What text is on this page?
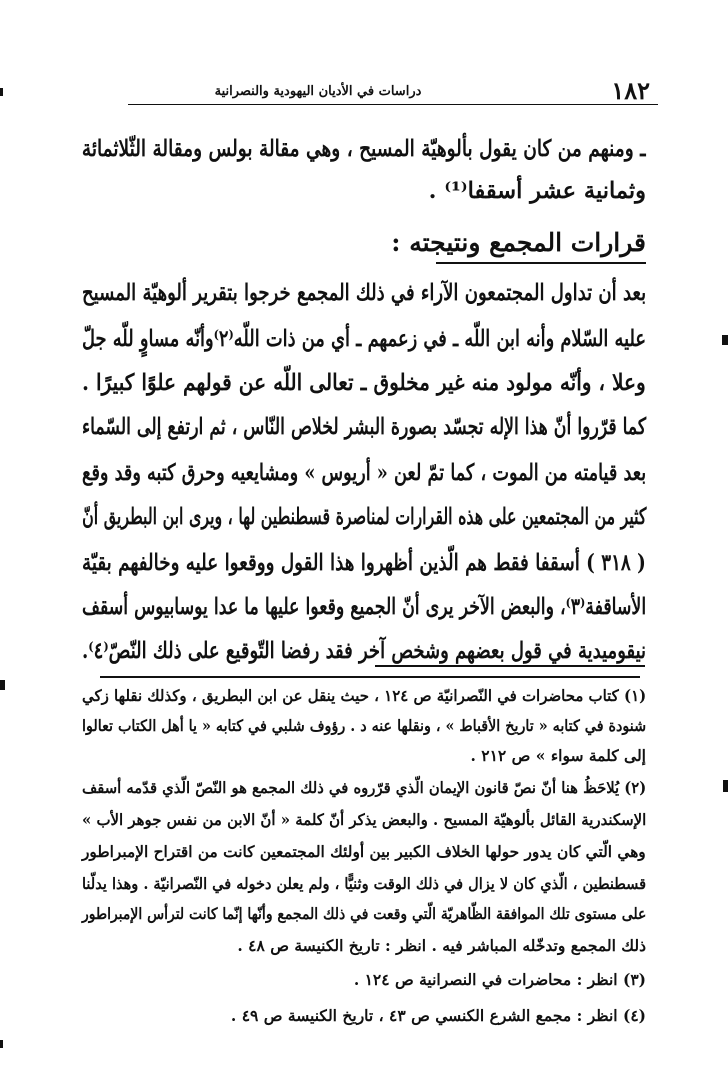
١٨٢
دراسات في الأديان اليهودية والنصرانية
ـ ومنهم من كان يقول بألوهيّة المسيح ، وهي مقالة بولس ومقالة الثّلاثمائة
وثمانية عشر أسقفا⁽¹⁾ .
قرارات المجمع ونتيجته :
بعد أن تداول المجتمعون الآراء في ذلك المجمع خرجوا بتقرير ألوهيّة المسيح
عليه السّلام وأنه ابن اللّه ـ في زعمهم ـ أي من ذات اللّه⁽٢⁾وأنّه مساوٍ للّه جلّ
وعلا ، وأنّه مولود منه غير مخلوق ـ تعالى اللّه عن قولهم علوًا كبيرًا .
كما قرّروا أنّ هذا الإله تجسّد بصورة البشر لخلاص النّاس ، ثم ارتفع إلى السّماء
بعد قيامته من الموت ، كما تمّ لعن « أريوس » ومشايعيه وحرق كتبه وقد وقع
كثير من المجتمعين على هذه القرارات لمناصرة قسطنطين لها ، ويرى ابن البطريق أنّ
( ٣١٨ ) أسقفا فقط هم الّذين أظهروا هذا القول ووقعوا عليه وخالفهم بقيّة
الأساقفة⁽٣⁾، والبعض الآخر يرى أنّ الجميع وقعوا عليها ما عدا يوسابيوس أسقف
نيقوميدية في قول بعضهم وشخص آخر فقد رفضا التّوقيع على ذلك النّصّ⁽٤⁾.
(١) كتاب محاضرات في النّصرانيّة ص ١٢٤ ، حيث ينقل عن ابن البطريق ، وكذلك نقلها زكي
شنودة في كتابه « تاريخ الأقباط » ، ونقلها عنه د . رؤوف شلبي في كتابه « يا أهل الكتاب تعالوا
إلى كلمة سواء » ص ٢١٢ .
(٢) يُلاحَظُ هنا أنّ نصّ قانون الإيمان الّذي قرّروه في ذلك المجمع هو النّصّ الّذي قدّمه أسقف
الإسكندرية القائل بألوهيّة المسيح . والبعض يذكر أنّ كلمة « أنّ الابن من نفس جوهر الأب »
وهي الّتي كان يدور حولها الخلاف الكبير بين أولئك المجتمعين كانت من اقتراح الإمبراطور
قسطنطين ، الّذي كان لا يزال في ذلك الوقت وثنيًّا ، ولم يعلن دخوله في النّصرانيّة . وهذا يدلّنا
على مستوى تلك الموافقة الظّاهريّة الّتي وقعت في ذلك المجمع وأنّها إنّما كانت لترأس الإمبراطور
ذلك المجمع وتدخّله المباشر فيه . انظر : تاريخ الكنيسة ص ٤٨ .
(٣) انظر : محاضرات في النصرانية ص ١٢٤ .
(٤) انظر : مجمع الشرع الكنسي ص ٤٣ ، تاريخ الكنيسة ص ٤٩ .
